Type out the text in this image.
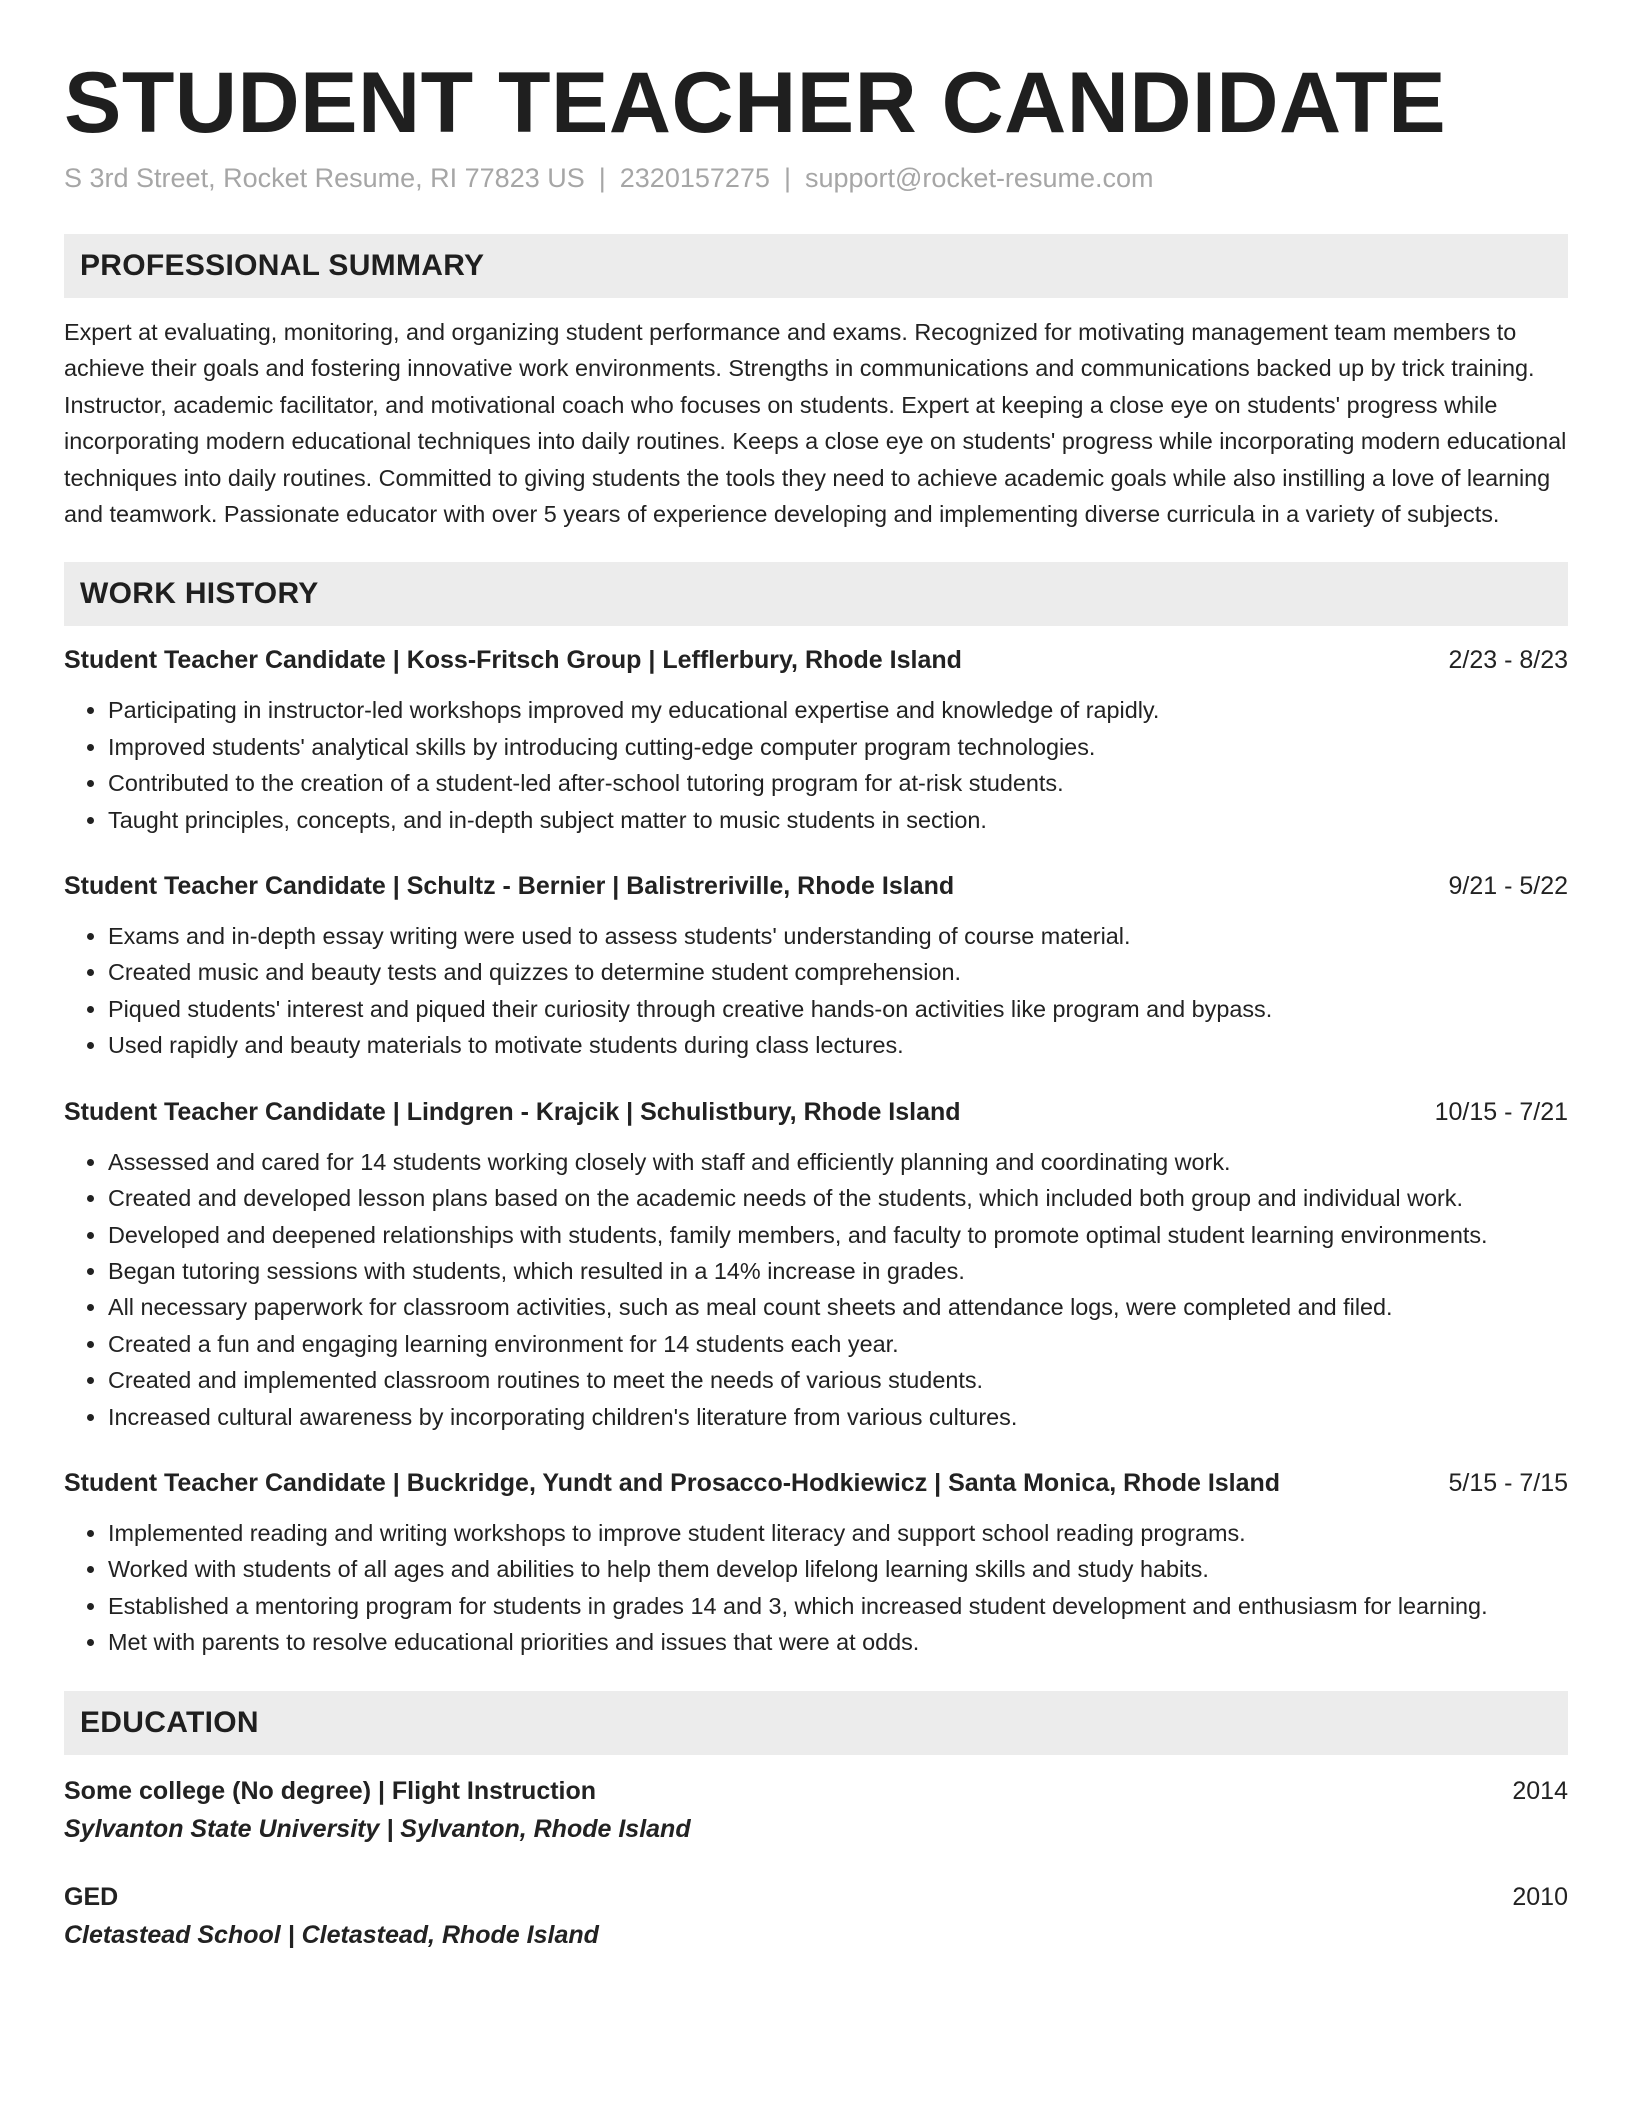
STUDENT TEACHER CANDIDATE
S 3rd Street, Rocket Resume, RI 77823 US | 2320157275 | support@rocket-resume.com
PROFESSIONAL SUMMARY
Expert at evaluating, monitoring, and organizing student performance and exams. Recognized for motivating management team members to achieve their goals and fostering innovative work environments. Strengths in communications and communications backed up by trick training. Instructor, academic facilitator, and motivational coach who focuses on students. Expert at keeping a close eye on students' progress while incorporating modern educational techniques into daily routines. Keeps a close eye on students' progress while incorporating modern educational techniques into daily routines. Committed to giving students the tools they need to achieve academic goals while also instilling a love of learning and teamwork. Passionate educator with over 5 years of experience developing and implementing diverse curricula in a variety of subjects.
WORK HISTORY
Student Teacher Candidate | Koss-Fritsch Group | Lefflerbury, Rhode Island	2/23 - 8/23
• Participating in instructor-led workshops improved my educational expertise and knowledge of rapidly.
• Improved students' analytical skills by introducing cutting-edge computer program technologies.
• Contributed to the creation of a student-led after-school tutoring program for at-risk students.
• Taught principles, concepts, and in-depth subject matter to music students in section.
Student Teacher Candidate | Schultz - Bernier | Balistreriville, Rhode Island	9/21 - 5/22
• Exams and in-depth essay writing were used to assess students' understanding of course material.
• Created music and beauty tests and quizzes to determine student comprehension.
• Piqued students' interest and piqued their curiosity through creative hands-on activities like program and bypass.
• Used rapidly and beauty materials to motivate students during class lectures.
Student Teacher Candidate | Lindgren - Krajcik | Schulistbury, Rhode Island	10/15 - 7/21
• Assessed and cared for 14 students working closely with staff and efficiently planning and coordinating work.
• Created and developed lesson plans based on the academic needs of the students, which included both group and individual work.
• Developed and deepened relationships with students, family members, and faculty to promote optimal student learning environments.
• Began tutoring sessions with students, which resulted in a 14% increase in grades.
• All necessary paperwork for classroom activities, such as meal count sheets and attendance logs, were completed and filed.
• Created a fun and engaging learning environment for 14 students each year.
• Created and implemented classroom routines to meet the needs of various students.
• Increased cultural awareness by incorporating children's literature from various cultures.
Student Teacher Candidate | Buckridge, Yundt and Prosacco-Hodkiewicz | Santa Monica, Rhode Island	5/15 - 7/15
• Implemented reading and writing workshops to improve student literacy and support school reading programs.
• Worked with students of all ages and abilities to help them develop lifelong learning skills and study habits.
• Established a mentoring program for students in grades 14 and 3, which increased student development and enthusiasm for learning.
• Met with parents to resolve educational priorities and issues that were at odds.
EDUCATION
Some college (No degree) | Flight Instruction	2014
Sylvanton State University | Sylvanton, Rhode Island
GED	2010
Cletastead School | Cletastead, Rhode Island
